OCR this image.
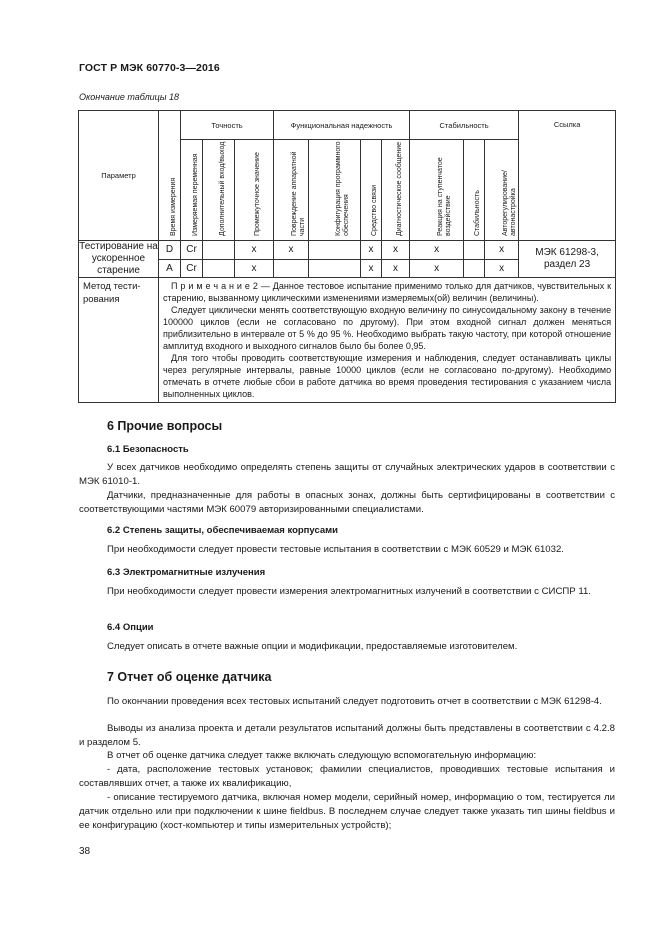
ГОСТ Р МЭК 60770-3—2016
Окончание таблицы 18
Параметр	Время измерения	Точность			Функциональная надежность				Стабильность			Ссылка

		Измеряемая переменная	Дополнительный вход/выход	Промежуточное значение	Повреждение аппаратной части	Конфигурация программного обеспечения	Средство связи	Диагностическое сообщение	Реакция на ступенчатое воздействие	Стабильность	Авторегулирование/ автонастройка	

Тестирование на ускоренное старение	D	Cr		x	x		x	x	x		x	МЭК 61298-3, раздел 23
	A	Cr		x			x	x	x		x	
Метод тести-рования	П р и м е ч а н и е 2 — Данное тестовое испытание применимо только для датчиков, чувствительных к старению, вызванному циклическими изменениями измеряемых(ой) величин (величины).

Следует циклически менять соответствующую входную величину по синусоидальному закону в течение 100000 циклов (если не согласовано по другому). При этом входной сигнал должен меняться приблизительно в интервале от 5 % до 95 %. Необходимо выбрать такую частоту, при которой отношение амплитуд входного и выходного сигналов было бы более 0,95.

Для того чтобы проводить соответствующие измерения и наблюдения, следует останавливать циклы через регулярные интервалы, равные 10000 циклов (если не согласовано по-другому). Необходимо отмечать в отчете любые сбои в работе датчика во время проведения тестирования с указанием числа выполненных циклов.											

6 Прочие вопросы
6.1 Безопасность
У всех датчиков необходимо определять степень защиты от случайных электрических ударов в соответствии с МЭК 61010-1.
Датчики, предназначенные для работы в опасных зонах, должны быть сертифицированы в соответствии с соответствующими частями МЭК 60079 авторизированными специалистами.
6.2 Степень защиты, обеспечиваемая корпусами
При необходимости следует провести тестовые испытания в соответствии с МЭК 60529 и МЭК 61032.
6.3 Электромагнитные излучения
При необходимости следует провести измерения электромагнитных излучений в соответствии с СИСПР 11.
6.4 Опции
Следует описать в отчете важные опции и модификации, предоставляемые изготовителем.
7 Отчет об оценке датчика
По окончании проведения всех тестовых испытаний следует подготовить отчет в соответствии с МЭК 61298-4.
Выводы из анализа проекта и детали результатов испытаний должны быть представлены в соответствии с 4.2.8 и разделом 5.
В отчет об оценке датчика следует также включать следующую вспомогательную информацию:
- дата, расположение тестовых установок; фамилии специалистов, проводивших тестовые испытания и составлявших отчет, а также их квалификацию,
- описание тестируемого датчика, включая номер модели, серийный номер, информацию о том, тестируется ли датчик отдельно или при подключении к шине fieldbus. В последнем случае следует также указать тип шины fieldbus и ее конфигурацию (хост-компьютер и типы измерительных устройств);
38
